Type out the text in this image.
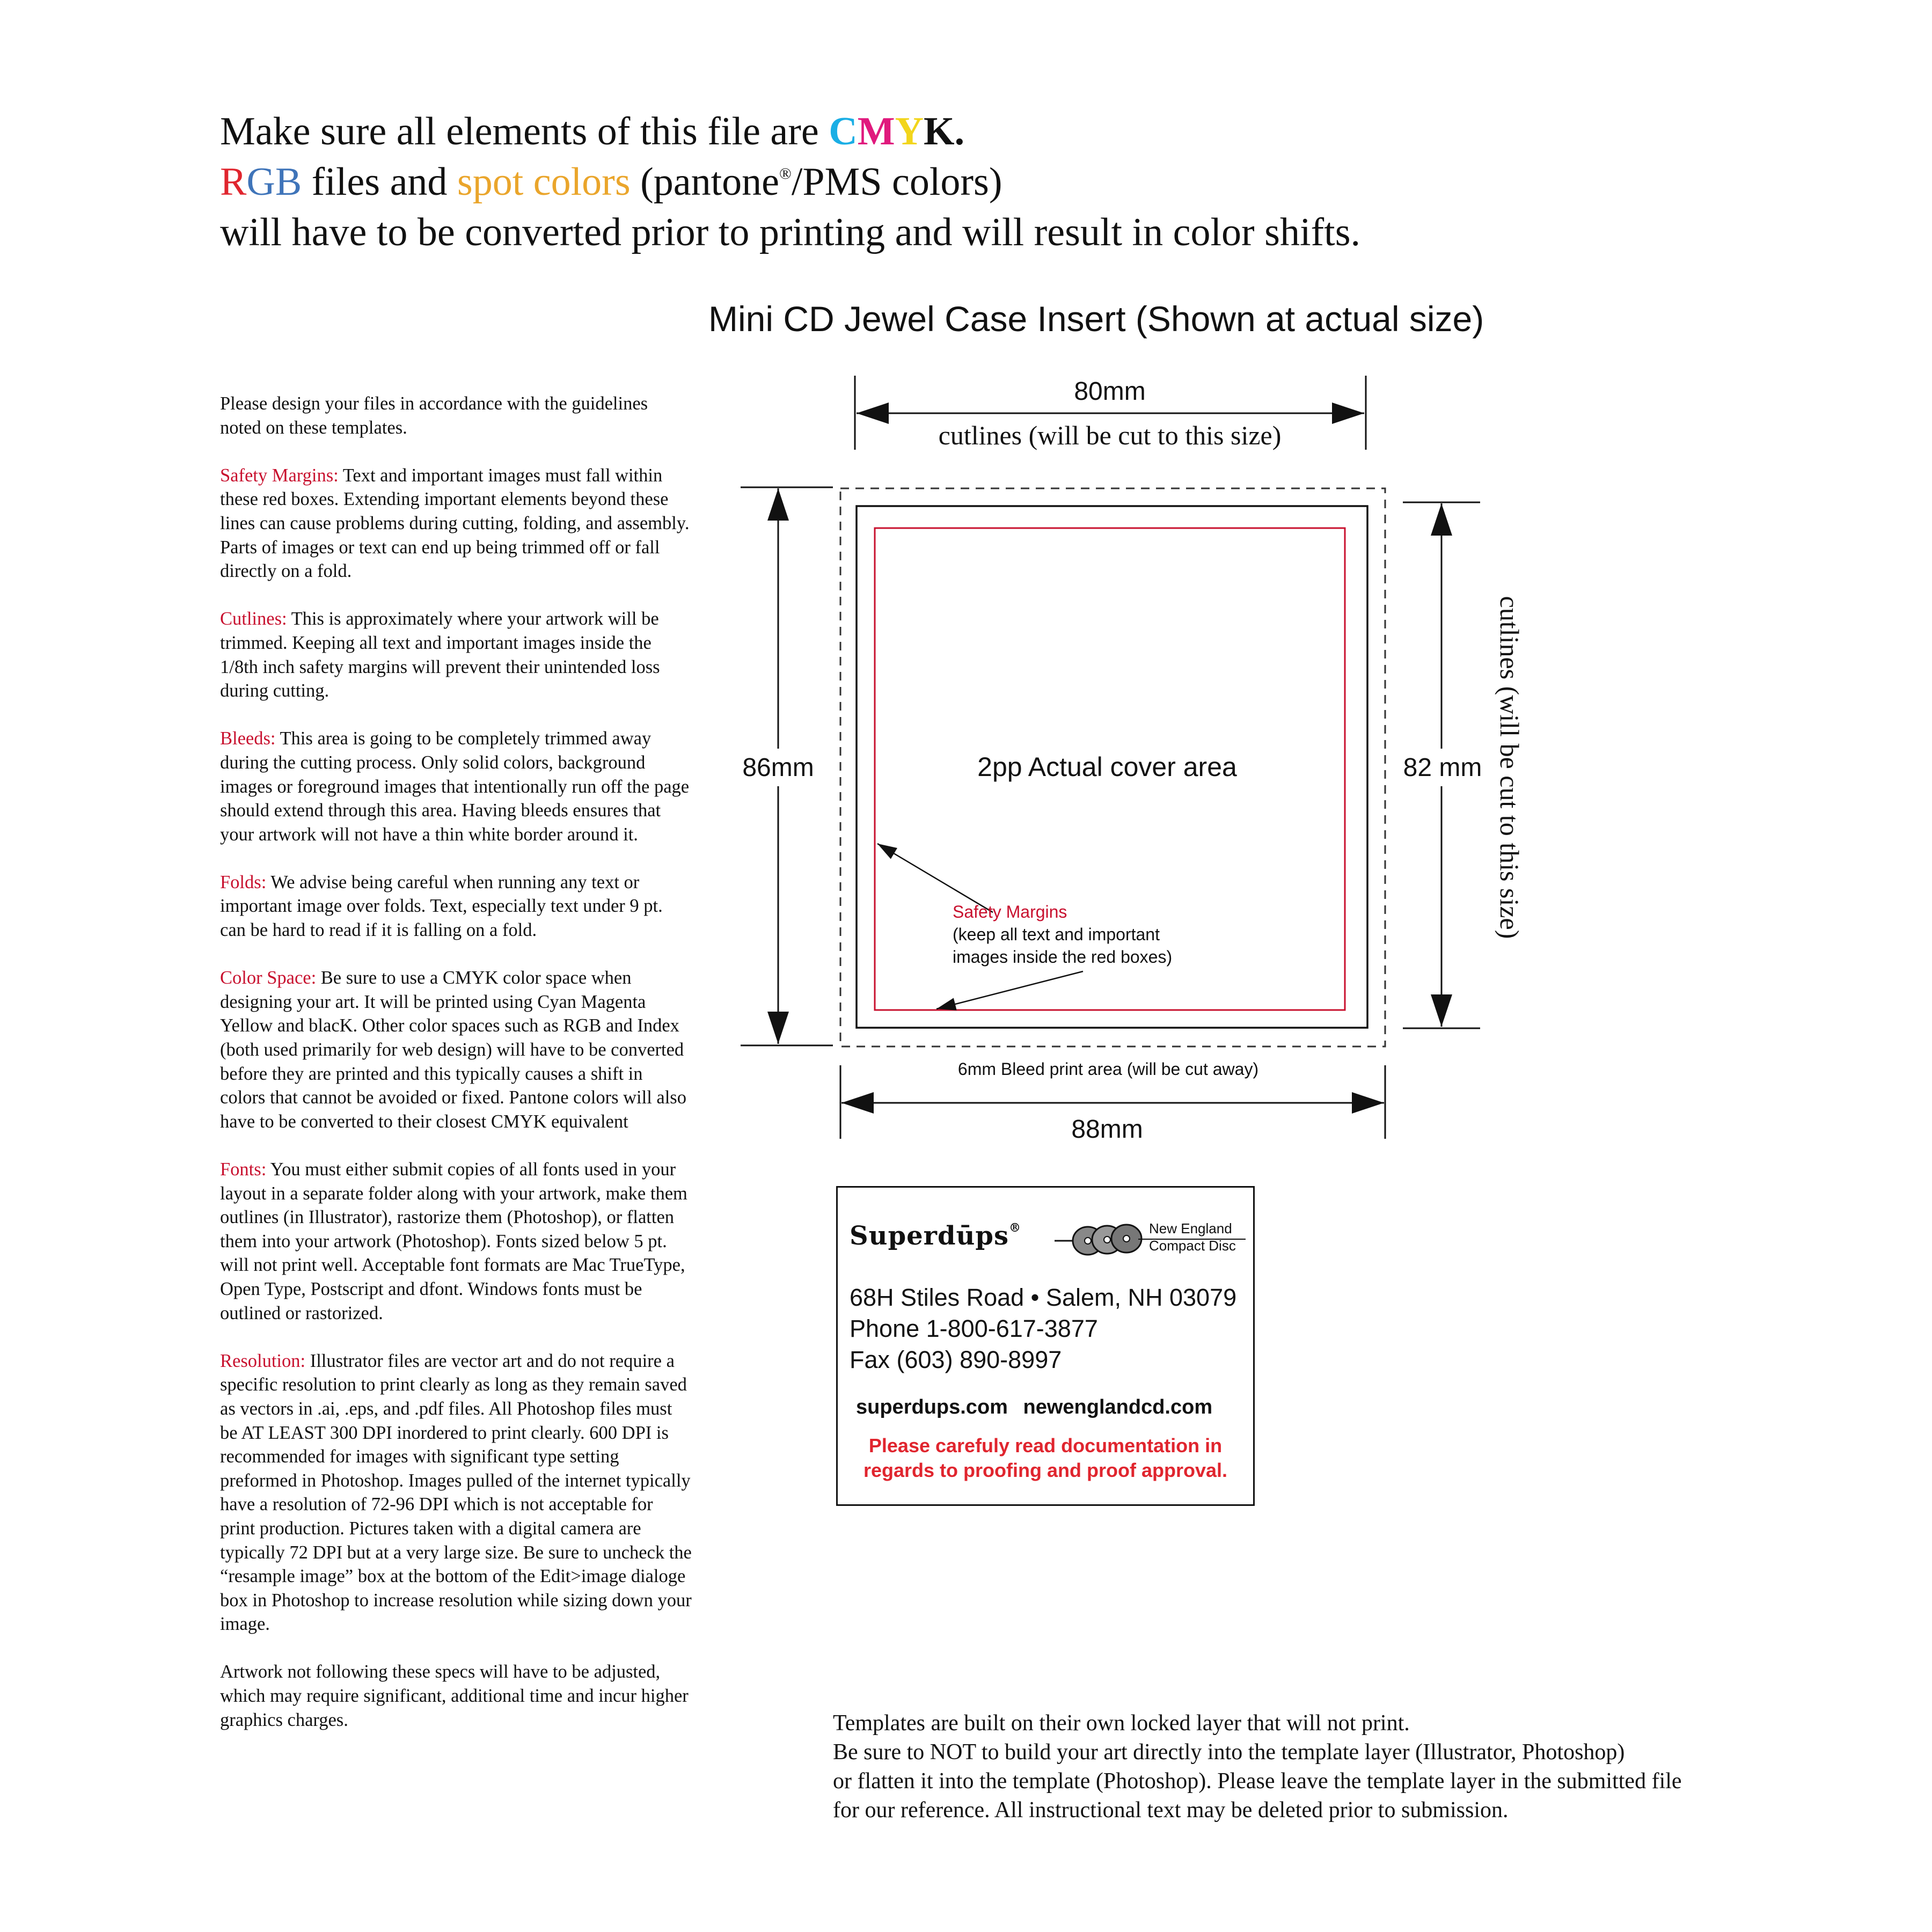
Make sure all elements of this file are CMYK.
RGB files and spot colors (pantone®/PMS colors)
will have to be converted prior to printing and will result in color shifts.
Mini CD Jewel Case Insert (Shown at actual size)

Please design your files in accordance with the guidelines noted on these templates.

Safety Margins: Text and important images must fall within these red boxes. Extending important elements beyond these lines can cause problems during cutting, folding, and assembly. Parts of images or text can end up being trimmed off or fall directly on a fold.

Cutlines: This is approximately where your artwork will be trimmed. Keeping all text and important images inside the 1/8th inch safety margins will prevent their unintended loss during cutting.

Bleeds: This area is going to be completely trimmed away during the cutting process. Only solid colors, background images or foreground images that intentionally run off the page should extend through this area. Having bleeds ensures that your artwork will not have a thin white border around it.

Folds: We advise being careful when running any text or important image over folds. Text, especially text under 9 pt. can be hard to read if it is falling on a fold.

Color Space: Be sure to use a CMYK color space when designing your art. It will be printed using Cyan Magenta Yellow and blacK. Other color spaces such as RGB and Index (both used primarily for web design) will have to be converted before they are printed and this typically causes a shift in colors that cannot be avoided or fixed. Pantone colors will also have to be converted to their closest CMYK equivalent

Fonts: You must either submit copies of all fonts used in your layout in a separate folder along with your artwork, make them outlines (in Illustrator), rastorize them (Photoshop), or flatten them into your artwork (Photoshop). Fonts sized below 5 pt. will not print well. Acceptable font formats are Mac TrueType, Open Type, Postscript and dfont. Windows fonts must be outlined or rastorized.

Resolution: Illustrator files are vector art and do not require a specific resolution to print clearly as long as they remain saved as vectors in .ai, .eps, and .pdf files. All Photoshop files must be AT LEAST 300 DPI inordered to print clearly. 600 DPI is recommended for images with significant type setting preformed in Photoshop. Images pulled of the internet typically have a resolution of 72-96 DPI which is not acceptable for print production. Pictures taken with a digital camera are typically 72 DPI but at a very large size. Be sure to uncheck the “resample image” box at the bottom of the Edit>image dialoge box in Photoshop to increase resolution while sizing down your image.

Artwork not following these specs will have to be adjusted, which may require significant, additional time and incur higher graphics charges.

80mm
cutlines (will be cut to this size)
86mm	82 mm cutlines (will be cut to this size)
2pp Actual cover area
Safety Margins
(keep all text and important
images inside the red boxes)
6mm Bleed print area (will be cut away)
88mm
Superdūps®	New England
Compact Disc
68H Stiles Road • Salem, NH 03079
Phone 1-800-617-3877
Fax (603) 890-8997
superdups.com newenglandcd.com
Please carefuly read documentation in
regards to proofing and proof approval.
Templates are built on their own locked layer that will not print.
Be sure to NOT to build your art directly into the template layer (Illustrator, Photoshop)
or flatten it into the template (Photoshop). Please leave the template layer in the submitted file
for our reference. All instructional text may be deleted prior to submission.
